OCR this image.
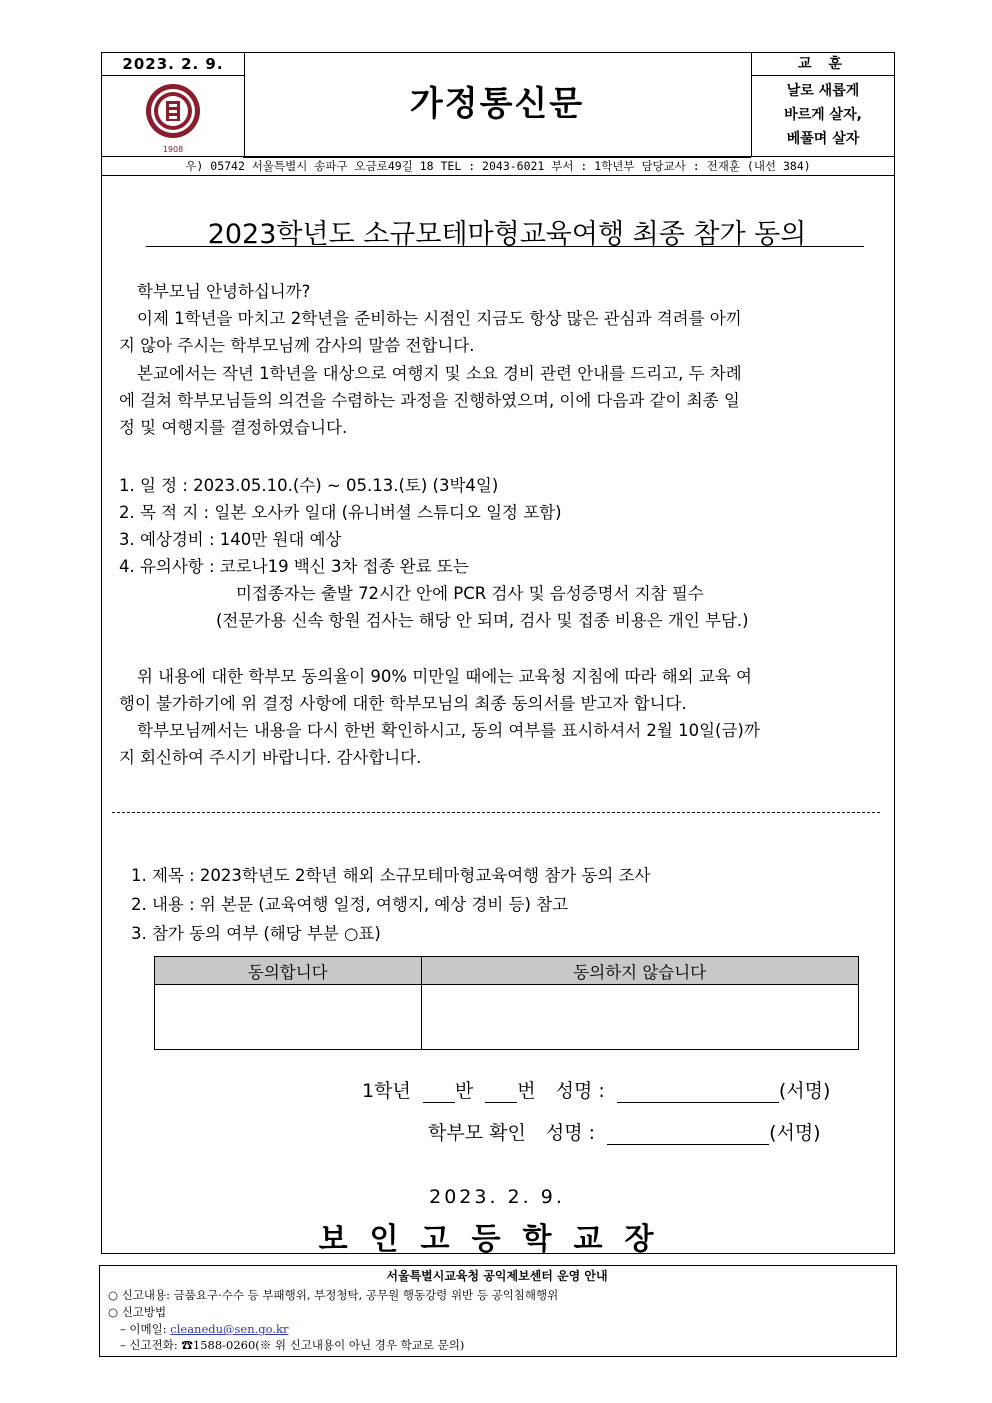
2023. 2. 9.
1908
가정통신문
교 훈
날로 새롭게
바르게 살자,
베풀며 살자
우) 05742 서울특별시 송파구 오금로49길 18 TEL : 2043-6021 부서 : 1학년부 담당교사 : 전재훈 (내선 384)
2023학년도 소규모테마형교육여행 최종 참가 동의
학부모님 안녕하십니까?
이제 1학년을 마치고 2학년을 준비하는 시점인 지금도 항상 많은 관심과 격려를 아끼
지 않아 주시는 학부모님께 감사의 말씀 전합니다.
본교에서는 작년 1학년을 대상으로 여행지 및 소요 경비 관련 안내를 드리고, 두 차례
에 걸쳐 학부모님들의 의견을 수렴하는 과정을 진행하였으며, 이에 다음과 같이 최종 일
정 및 여행지를 결정하였습니다.
1. 일 정 : 2023.05.10.(수) ~ 05.13.(토) (3박4일)
2. 목 적 지 : 일본 오사카 일대 (유니버셜 스튜디오 일정 포함)
3. 예상경비 : 140만 원대 예상
4. 유의사항 : 코로나19 백신 3차 접종 완료 또는
미접종자는 출발 72시간 안에 PCR 검사 및 음성증명서 지참 필수
(전문가용 신속 항원 검사는 해당 안 되며, 검사 및 접종 비용은 개인 부담.)
위 내용에 대한 학부모 동의율이 90% 미만일 때에는 교육청 지침에 따라 해외 교육 여
행이 불가하기에 위 결정 사항에 대한 학부모님의 최종 동의서를 받고자 합니다.
학부모님께서는 내용을 다시 한번 확인하시고, 동의 여부를 표시하셔서 2월 10일(금)까
지 회신하여 주시기 바랍니다. 감사합니다.
1. 제목 : 2023학년도 2학년 해외 소규모테마형교육여행 참가 동의 조사
2. 내용 : 위 본문 (교육여행 일정, 여행지, 예상 경비 등) 참고
3. 참가 동의 여부 (해당 부분 ○표)
동의합니다	동의하지 않습니다

1학년 반 번 성명 :	(서명)
학부모 확인 성명 :	(서명)
2023. 2. 9.
보인고등학교장
서울특별시교육청 공익제보센터 운영 안내
○ 신고내용: 금품요구·수수 등 부패행위, 부정청탁, 공무원 행동강령 위반 등 공익침해행위
○ 신고방법
– 이메일: cleanedu@sen.go.kr
– 신고전화: ☎1588-0260(※ 위 신고내용이 아닌 경우 학교로 문의)
